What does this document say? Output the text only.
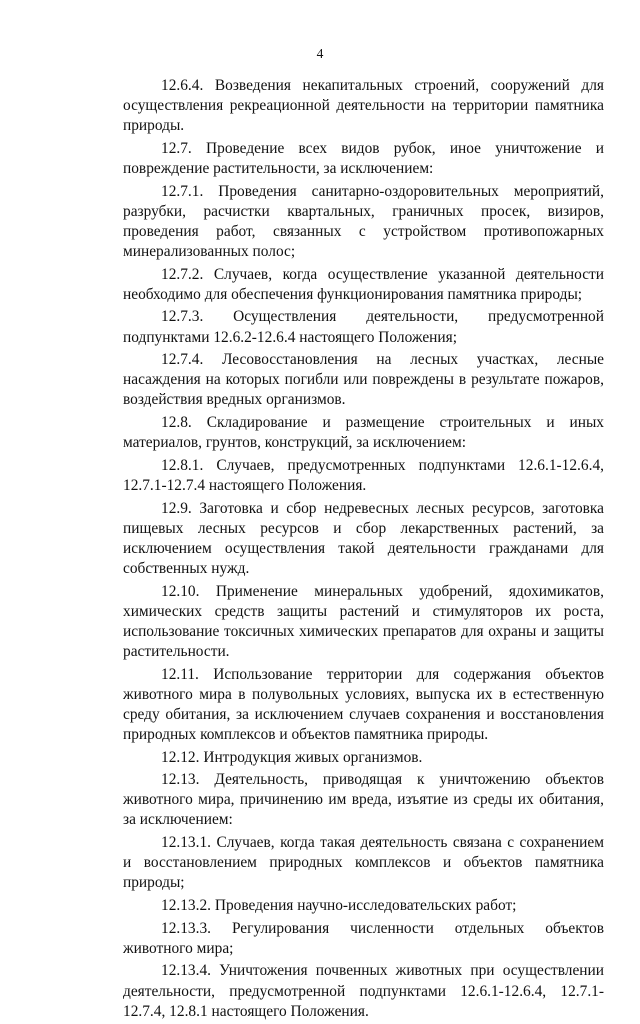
4

12.6.4. Возведения некапитальных строений, сооружений для осуществления рекреационной деятельности на территории памятника природы.

12.7. Проведение всех видов рубок, иное уничтожение и повреждение растительности, за исключением:

12.7.1. Проведения санитарно-оздоровительных мероприятий, разрубки, расчистки квартальных, граничных просек, визиров, проведения работ, связанных с устройством противопожарных минерализованных полос;

12.7.2. Случаев, когда осуществление указанной деятельности необходимо для обеспечения функционирования памятника природы;

12.7.3. Осуществления деятельности, предусмотренной подпунктами 12.6.2-12.6.4 настоящего Положения;

12.7.4. Лесовосстановления на лесных участках, лесные насаждения на которых погибли или повреждены в результате пожаров, воздействия вредных организмов.

12.8. Складирование и размещение строительных и иных материалов, грунтов, конструкций, за исключением:

12.8.1. Случаев, предусмотренных подпунктами 12.6.1-12.6.4, 12.7.1-12.7.4 настоящего Положения.

12.9. Заготовка и сбор недревесных лесных ресурсов, заготовка пищевых лесных ресурсов и сбор лекарственных растений, за исключением осуществления такой деятельности гражданами для собственных нужд.

12.10. Применение минеральных удобрений, ядохимикатов, химических средств защиты растений и стимуляторов их роста, использование токсичных химических препаратов для охраны и защиты растительности.

12.11. Использование территории для содержания объектов животного мира в полувольных условиях, выпуска их в естественную среду обитания, за исключением случаев сохранения и восстановления природных комплексов и объектов памятника природы.

12.12. Интродукция живых организмов.

12.13. Деятельность, приводящая к уничтожению объектов животного мира, причинению им вреда, изъятие из среды их обитания, за исключением:

12.13.1. Случаев, когда такая деятельность связана с сохранением и восстановлением природных комплексов и объектов памятника природы;

12.13.2. Проведения научно-исследовательских работ;

12.13.3. Регулирования численности отдельных объектов животного мира;

12.13.4. Уничтожения почвенных животных при осуществлении деятельности, предусмотренной подпунктами 12.6.1-12.6.4, 12.7.1-12.7.4, 12.8.1 настоящего Положения.
